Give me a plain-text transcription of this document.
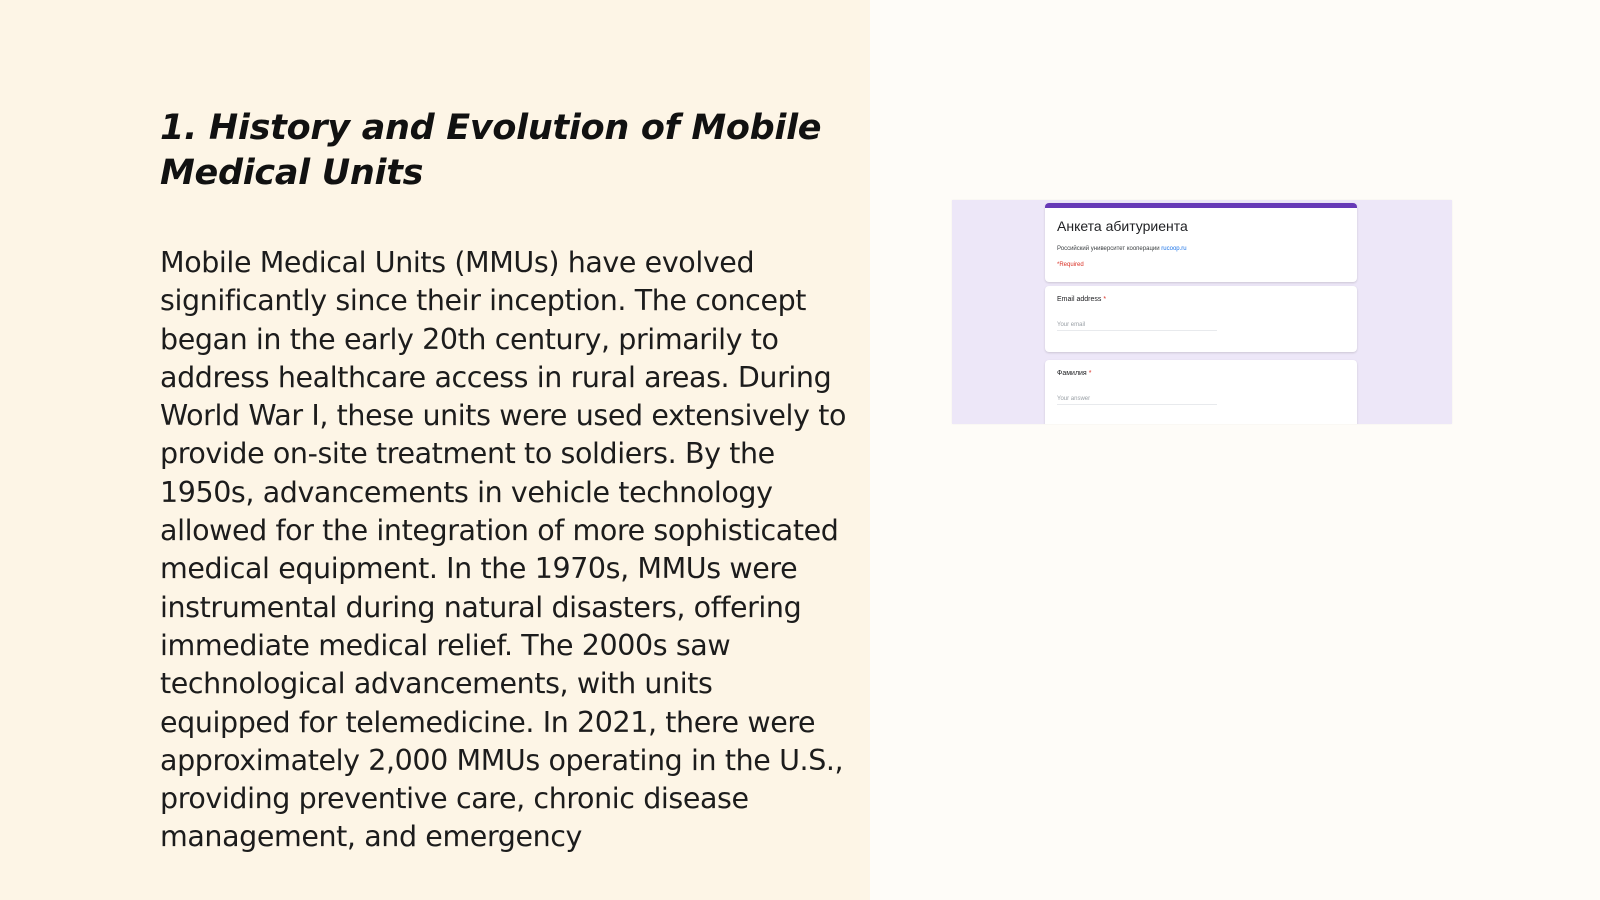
1. History and Evolution of Mobile Medical Units

Mobile Medical Units (MMUs) have evolved significantly since their inception. The concept began in the early 20th century, primarily to address healthcare access in rural areas. During World War I, these units were used extensively to provide on-site treatment to soldiers. By the 1950s, advancements in vehicle technology allowed for the integration of more sophisticated medical equipment. In the 1970s, MMUs were instrumental during natural disasters, offering immediate medical relief. The 2000s saw technological advancements, with units equipped for telemedicine. In 2021, there were approximately 2,000 MMUs operating in the U.S., providing preventive care, chronic disease management, and emergency

Анкета абитуриента
Российский университет кооперации rucoop.ru
*Required
Email address *
Your email
Фамилия *
Your answer
